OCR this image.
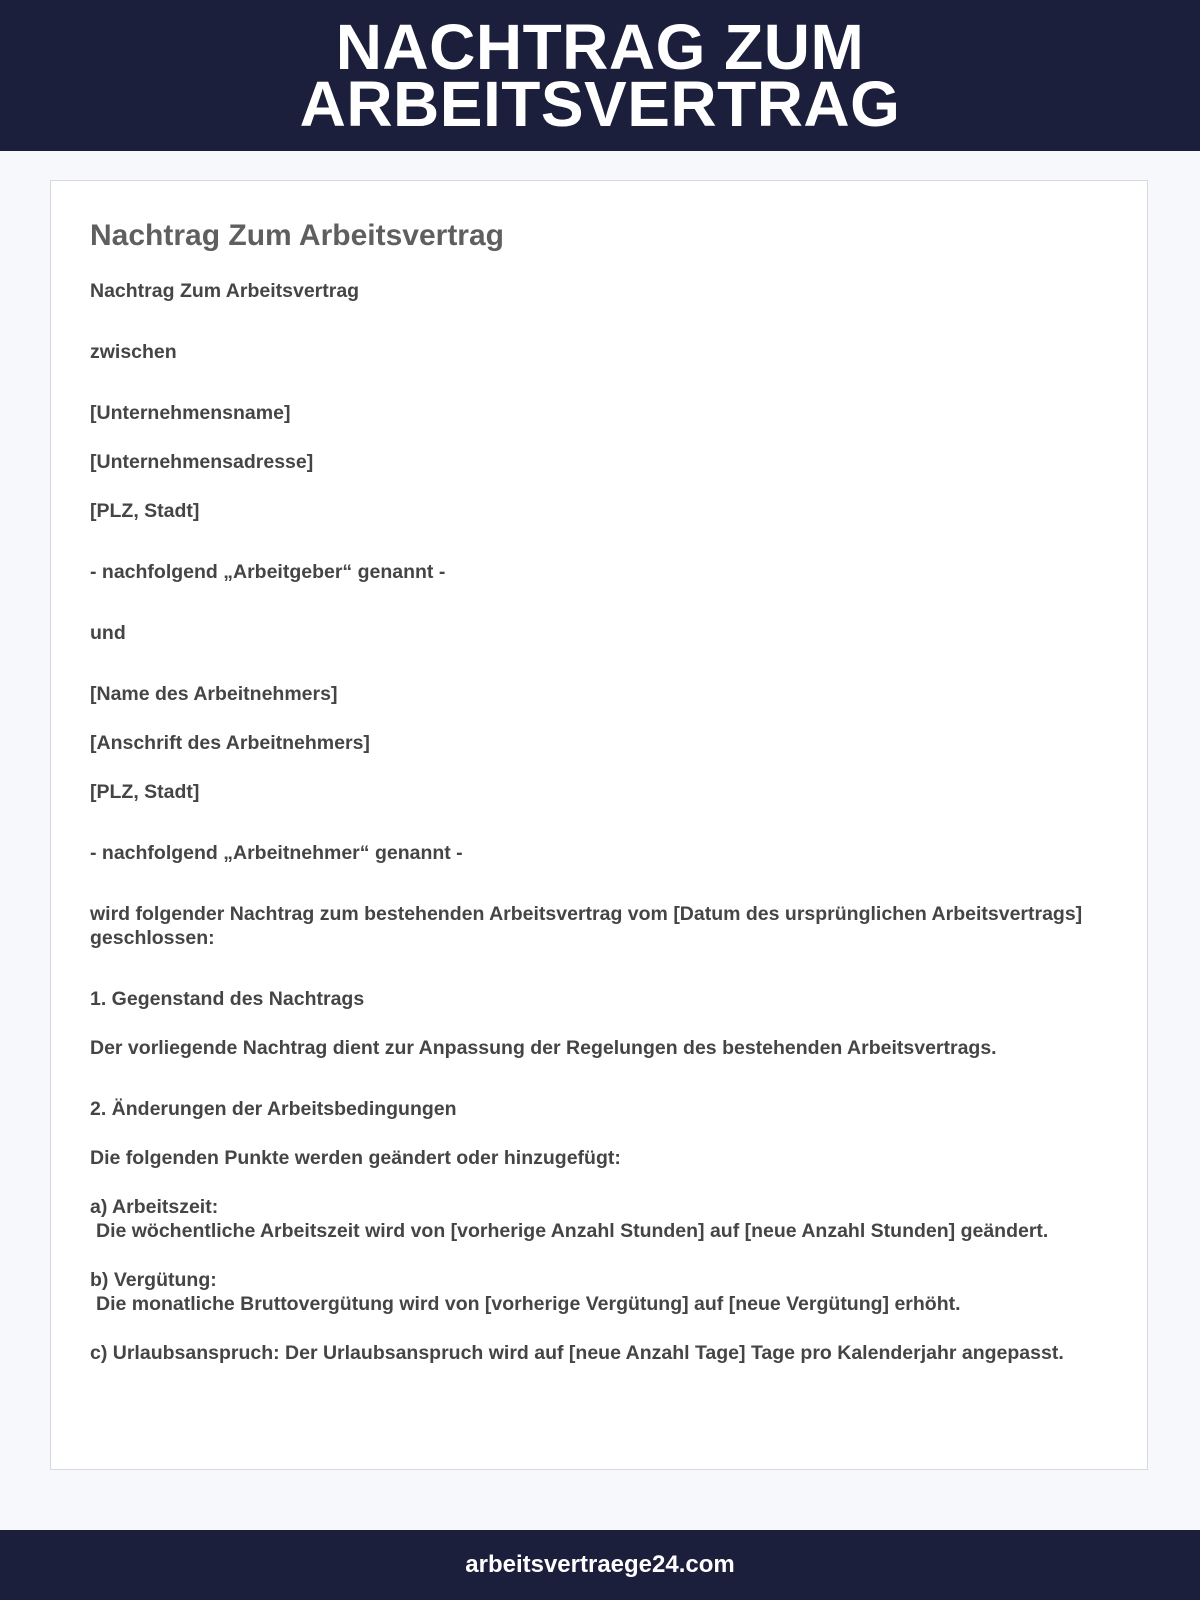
NACHTRAG ZUM
ARBEITSVERTRAG
Nachtrag Zum Arbeitsvertrag

Nachtrag Zum Arbeitsvertrag

zwischen

[Unternehmensname]

[Unternehmensadresse]

[PLZ, Stadt]

- nachfolgend „Arbeitgeber“ genannt -

und

[Name des Arbeitnehmers]

[Anschrift des Arbeitnehmers]

[PLZ, Stadt]

- nachfolgend „Arbeitnehmer“ genannt -

wird folgender Nachtrag zum bestehenden Arbeitsvertrag vom [Datum des ursprünglichen Arbeitsvertrags] geschlossen:

1. Gegenstand des Nachtrags

Der vorliegende Nachtrag dient zur Anpassung der Regelungen des bestehenden Arbeitsvertrags.

2. Änderungen der Arbeitsbedingungen

Die folgenden Punkte werden geändert oder hinzugefügt:

a) Arbeitszeit:

Die wöchentliche Arbeitszeit wird von [vorherige Anzahl Stunden] auf [neue Anzahl Stunden] geändert.

b) Vergütung:

Die monatliche Bruttovergütung wird von [vorherige Vergütung] auf [neue Vergütung] erhöht.

c) Urlaubsanspruch: Der Urlaubsanspruch wird auf [neue Anzahl Tage] Tage pro Kalenderjahr angepasst.

arbeitsvertraege24.com
